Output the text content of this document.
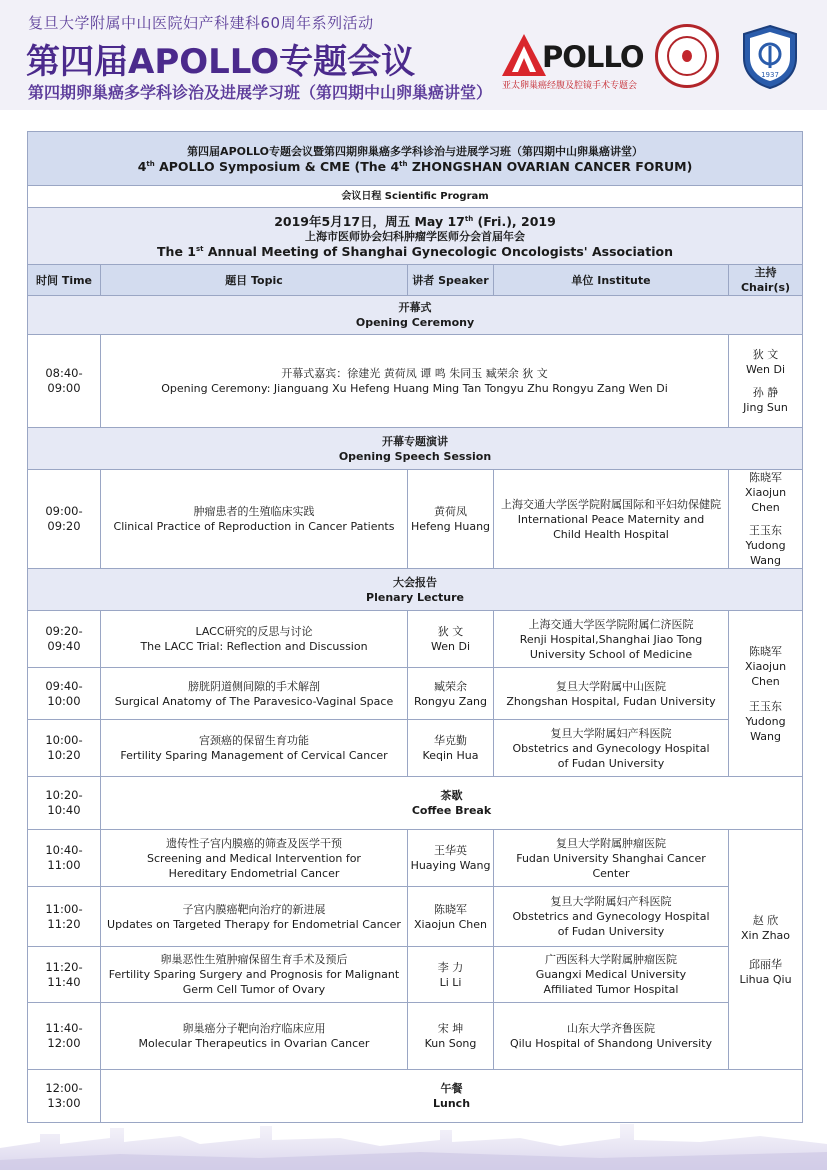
复旦大学附属中山医院妇产科建科60周年系列活动
第四届APOLLO专题会议
第四期卵巢癌多学科诊治及进展学习班（第四期中山卵巢癌讲堂）
POLLO
亚太卵巢癌经腹及腔镜手术专题会
1937
第四届APOLLO专题会议暨第四期卵巢癌多学科诊治与进展学习班（第四期中山卵巢癌讲堂）
4th APOLLO Symposium & CME (The 4th ZHONGSHAN OVARIAN CANCER FORUM)				

会议日程 Scientific Program				

2019年5月17日，周五 May 17th (Fri.), 2019
上海市医师协会妇科肿瘤学医师分会首届年会
The 1st Annual Meeting of Shanghai Gynecologic Oncologists' Association				

时间 Time	题目 Topic	讲者 Speaker	单位 Institute	主持 Chair(s)

开幕式
Opening Ceremony				

08:40-09:00	开幕式嘉宾：徐建光 黄荷凤 谭 鸣 朱同玉 臧荣余 狄 文
Opening Ceremony: Jianguang Xu Hefeng Huang Ming Tan Tongyu Zhu Rongyu Zang Wen Di			狄 文
Wen Di
孙 静
Jing Sun

开幕专题演讲
Opening Speech Session				

09:00-09:20	肿瘤患者的生殖临床实践
Clinical Practice of Reproduction in Cancer Patients	黄荷凤
Hefeng Huang	上海交通大学医学院附属国际和平妇幼保健院
International Peace Maternity and
Child Health Hospital	陈晓军
Xiaojun Chen
王玉东
Yudong Wang

大会报告
Plenary Lecture				

09:20-09:40	LACC研究的反思与讨论
The LACC Trial: Reflection and Discussion	狄 文
Wen Di	上海交通大学医学院附属仁济医院
Renji Hospital,Shanghai Jiao Tong
University School of Medicine	陈晓军
Xiaojun Chen
王玉东
Yudong
Wang

09:40-10:00	膀胱阴道侧间隙的手术解剖
Surgical Anatomy of The Paravesico-Vaginal Space	臧荣余
Rongyu Zang	复旦大学附属中山医院
Zhongshan Hospital, Fudan University	

10:00-10:20	宫颈癌的保留生育功能
Fertility Sparing Management of Cervical Cancer	华克勤
Keqin Hua	复旦大学附属妇产科医院
Obstetrics and Gynecology Hospital
of Fudan University	

10:20-10:40	茶歇
Coffee Break			

10:40-11:00	遗传性子宫内膜癌的筛查及医学干预
Screening and Medical Intervention for
Hereditary Endometrial Cancer	王华英
Huaying Wang	复旦大学附属肿瘤医院
Fudan University Shanghai Cancer Center	赵 欣
Xin Zhao
邱丽华
Lihua Qiu

11:00-11:20	子宫内膜癌靶向治疗的新进展
Updates on Targeted Therapy for Endometrial Cancer	陈晓军
Xiaojun Chen	复旦大学附属妇产科医院
Obstetrics and Gynecology Hospital
of Fudan University	

11:20-11:40	卵巢恶性生殖肿瘤保留生育手术及预后
Fertility Sparing Surgery and Prognosis for Malignant
Germ Cell Tumor of Ovary	李 力
Li Li	广西医科大学附属肿瘤医院
Guangxi Medical University
Affiliated Tumor Hospital	

11:40-12:00	卵巢癌分子靶向治疗临床应用
Molecular Therapeutics in Ovarian Cancer	宋 坤
Kun Song	山东大学齐鲁医院
Qilu Hospital of Shandong University	

12:00-13:00	午餐
Lunch			
